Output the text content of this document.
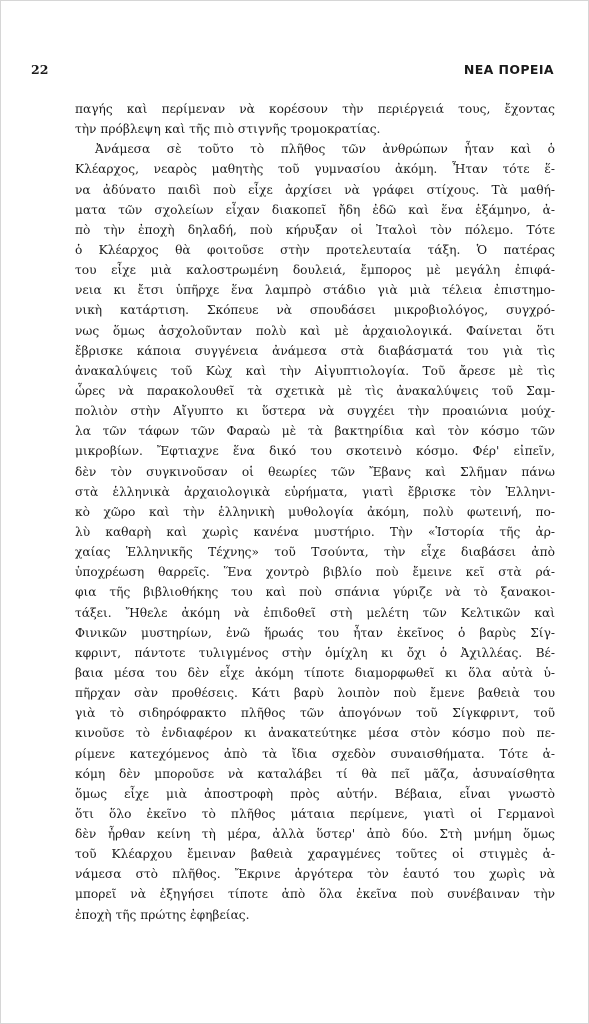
22	ΝΕΑ ΠΟΡΕΙΑ
παγής καὶ περίμεναν νὰ κορέσουν τὴν περιέργειά τους, ἔχοντας
τὴν πρόβλεψη καὶ τῆς πιὸ στιγνῆς τρομοκρατίας.
Ἀνάμεσα σὲ τοῦτο τὸ πλῆθος τῶν ἀνθρώπων ἦταν καὶ ὁ
Κλέαρχος, νεαρὸς μαθητὴς τοῦ γυμνασίου ἀκόμη. Ἦταν τότε ἕ-
να ἀδύνατο παιδὶ ποὺ εἶχε ἀρχίσει νὰ γράφει στίχους. Τὰ μαθή-
ματα τῶν σχολείων εἶχαν διακοπεῖ ἤδη ἐδῶ καὶ ἕνα ἑξάμηνο, ἀ-
πὸ τὴν ἐποχὴ δηλαδή, ποὺ κήρυξαν οἱ Ἰταλοὶ τὸν πόλεμο. Τότε
ὁ Κλέαρχος θὰ φοιτοῦσε στὴν προτελευταία τάξη. Ὁ πατέρας
του εἶχε μιὰ καλοστρωμένη δουλειά, ἔμπορος μὲ μεγάλη ἐπιφά-
νεια κι ἔτσι ὑπῆρχε ἕνα λαμπρὸ στάδιο γιὰ μιὰ τέλεια ἐπιστημο-
νικὴ κατάρτιση. Σκόπευε νὰ σπουδάσει μικροβιολόγος, συγχρό-
νως ὅμως ἀσχολοῦνταν πολὺ καὶ μὲ ἀρχαιολογικά. Φαίνεται ὅτι
ἔβρισκε κάποια συγγένεια ἀνάμεσα στὰ διαβάσματά του γιὰ τὶς
ἀνακαλύψεις τοῦ Κὼχ καὶ τὴν Αἰγυπτιολογία. Τοῦ ἄρεσε μὲ τὶς
ὧρες νὰ παρακολουθεῖ τὰ σχετικὰ μὲ τὶς ἀνακαλύψεις τοῦ Σαμ-
πολιὸν στὴν Αἴγυπτο κι ὕστερα νὰ συγχέει τὴν προαιώνια μούχ-
λα τῶν τάφων τῶν Φαραὼ μὲ τὰ βακτηρίδια καὶ τὸν κόσμο τῶν
μικροβίων. Ἔφτιαχνε ἕνα δικό του σκοτεινὸ κόσμο. Φέρ' εἰπεῖν,
δὲν τὸν συγκινοῦσαν οἱ θεωρίες τῶν Ἔβανς καὶ Σλῆμαν πάνω
στὰ ἑλληνικὰ ἀρχαιολογικὰ εὑρήματα, γιατὶ ἔβρισκε τὸν Ἑλληνι-
κὸ χῶρο καὶ τὴν ἑλληνικὴ μυθολογία ἀκόμη, πολὺ φωτεινή, πο-
λὺ καθαρὴ καὶ χωρὶς κανένα μυστήριο. Τὴν «Ἱστορία τῆς ἀρ-
χαίας Ἑλληνικῆς Τέχνης» τοῦ Τσούντα, τὴν εἶχε διαβάσει ἀπὸ
ὑποχρέωση θαρρεῖς. Ἕνα χοντρὸ βιβλίο ποὺ ἔμεινε κεῖ στὰ ρά-
φια τῆς βιβλιοθήκης του καὶ ποὺ σπάνια γύριζε νὰ τὸ ξανακοι-
τάξει. Ἤθελε ἀκόμη νὰ ἐπιδοθεῖ στὴ μελέτη τῶν Κελτικῶν καὶ
Φινικῶν μυστηρίων, ἐνῶ ἥρωάς του ἦταν ἐκεῖνος ὁ βαρὺς Σίγ-
κφριντ, πάντοτε τυλιγμένος στὴν ὁμίχλη κι ὄχι ὁ Ἀχιλλέας. Βέ-
βαια μέσα του δὲν εἶχε ἀκόμη τίποτε διαμορφωθεῖ κι ὅλα αὐτὰ ὑ-
πῆρχαν σὰν προθέσεις. Κάτι βαρὺ λοιπὸν ποὺ ἔμενε βαθειὰ του
γιὰ τὸ σιδηρόφρακτο πλῆθος τῶν ἀπογόνων τοῦ Σίγκφριντ, τοῦ
κινοῦσε τὸ ἐνδιαφέρον κι ἀνακατεύτηκε μέσα στὸν κόσμο ποὺ πε-
ρίμενε κατεχόμενος ἀπὸ τὰ ἴδια σχεδὸν συναισθήματα. Τότε ἀ-
κόμη δὲν μποροῦσε νὰ καταλάβει τί θὰ πεῖ μᾶζα, ἀσυναίσθητα
ὅμως εἶχε μιὰ ἀποστροφὴ πρὸς αὐτήν. Βέβαια, εἶναι γνωστὸ
ὅτι ὅλο ἐκεῖνο τὸ πλῆθος μάταια περίμενε, γιατὶ οἱ Γερμανοὶ
δὲν ἦρθαν κείνη τὴ μέρα, ἀλλὰ ὕστερ' ἀπὸ δύο. Στὴ μνήμη ὅμως
τοῦ Κλέαρχου ἔμειναν βαθειὰ χαραγμένες τοῦτες οἱ στιγμὲς ἀ-
νάμεσα στὸ πλῆθος. Ἔκρινε ἀργότερα τὸν ἑαυτό του χωρὶς νὰ
μπορεῖ νὰ ἐξηγήσει τίποτε ἀπὸ ὅλα ἐκεῖνα ποὺ συνέβαιναν τὴν
ἐποχὴ τῆς πρώτης ἐφηβείας.
